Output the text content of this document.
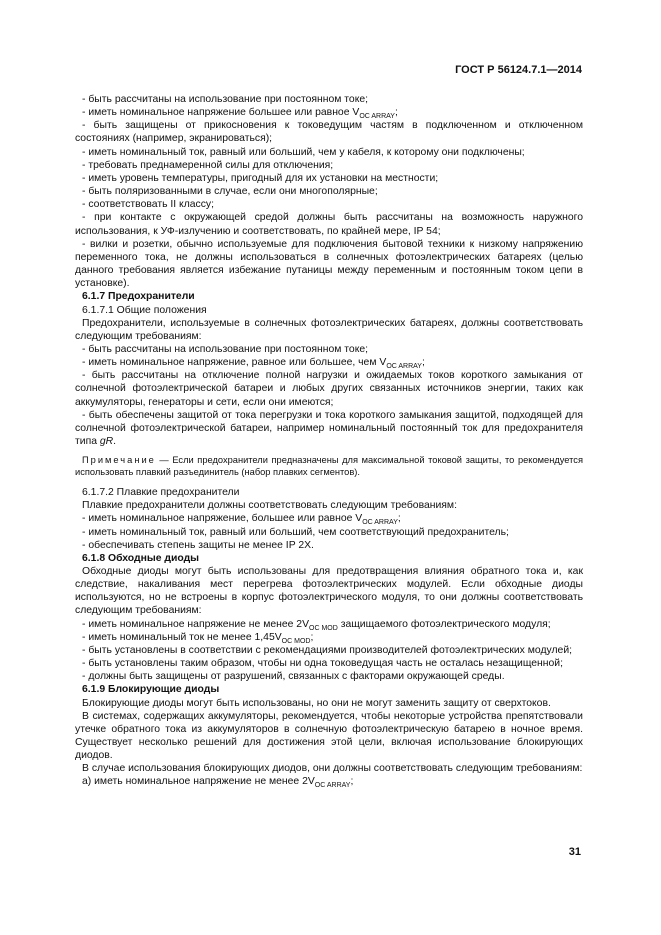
ГОСТ Р 56124.7.1—2014
- быть рассчитаны на использование при постоянном токе;
- иметь номинальное напряжение большее или равное $V_{OC ARRAY}$;
- быть защищены от прикосновения к токоведущим частям в подключенном и отключенном состояниях (например, экранироваться);
- иметь номинальный ток, равный или больший, чем у кабеля, к которому они подключены;
- требовать преднамеренной силы для отключения;
- иметь уровень температуры, пригодный для их установки на местности;
- быть поляризованными в случае, если они многополярные;
- соответствовать II классу;
- при контакте с окружающей средой должны быть рассчитаны на возможность наружного использования, к УФ-излучению и соответствовать, по крайней мере, IP 54;
- вилки и розетки, обычно используемые для подключения бытовой техники к низкому напряжению переменного тока, не должны использоваться в солнечных фотоэлектрических батареях (целью данного требования является избежание путаницы между переменным и постоянным током цепи в установке).
6.1.7 Предохранители
6.1.7.1 Общие положения
Предохранители, используемые в солнечных фотоэлектрических батареях, должны соответствовать следующим требованиям:
- быть рассчитаны на использование при постоянном токе;
- иметь номинальное напряжение, равное или большее, чем $V_{OC ARRAY}$;
- быть рассчитаны на отключение полной нагрузки и ожидаемых токов короткого замыкания от солнечной фотоэлектрической батареи и любых других связанных источников энергии, таких как аккумуляторы, генераторы и сети, если они имеются;
- быть обеспечены защитой от тока перегрузки и тока короткого замыкания защитой, подходящей для солнечной фотоэлектрической батареи, например номинальный постоянный ток для предохранителя типа gR.
Примечание — Если предохранители предназначены для максимальной токовой защиты, то рекомендуется использовать плавкий разъединитель (набор плавких сегментов).
6.1.7.2 Плавкие предохранители
Плавкие предохранители должны соответствовать следующим требованиям:
- иметь номинальное напряжение, большее или равное $V_{OC ARRAY}$;
- иметь номинальный ток, равный или больший, чем соответствующий предохранитель;
- обеспечивать степень защиты не менее IP 2X.
6.1.8 Обходные диоды
Обходные диоды могут быть использованы для предотвращения влияния обратного тока и, как следствие, накаливания мест перегрева фотоэлектрических модулей. Если обходные диоды используются, но не встроены в корпус фотоэлектрического модуля, то они должны соответствовать следующим требованиям:
- иметь номинальное напряжение не менее $2V_{OC MOD}$ защищаемого фотоэлектрического модуля;
- иметь номинальный ток не менее $1,45V_{OC MOD}$;
- быть установлены в соответствии с рекомендациями производителей фотоэлектрических модулей;
- быть установлены таким образом, чтобы ни одна токоведущая часть не осталась незащищенной;
- должны быть защищены от разрушений, связанных с факторами окружающей среды.
6.1.9 Блокирующие диоды
Блокирующие диоды могут быть использованы, но они не могут заменить защиту от сверхтоков.
В системах, содержащих аккумуляторы, рекомендуется, чтобы некоторые устройства препятствовали утечке обратного тока из аккумуляторов в солнечную фотоэлектрическую батарею в ночное время. Существует несколько решений для достижения этой цели, включая использование блокирующих диодов.
В случае использования блокирующих диодов, они должны соответствовать следующим требованиям:
а) иметь номинальное напряжение не менее $2V_{OC ARRAY}$;
31
